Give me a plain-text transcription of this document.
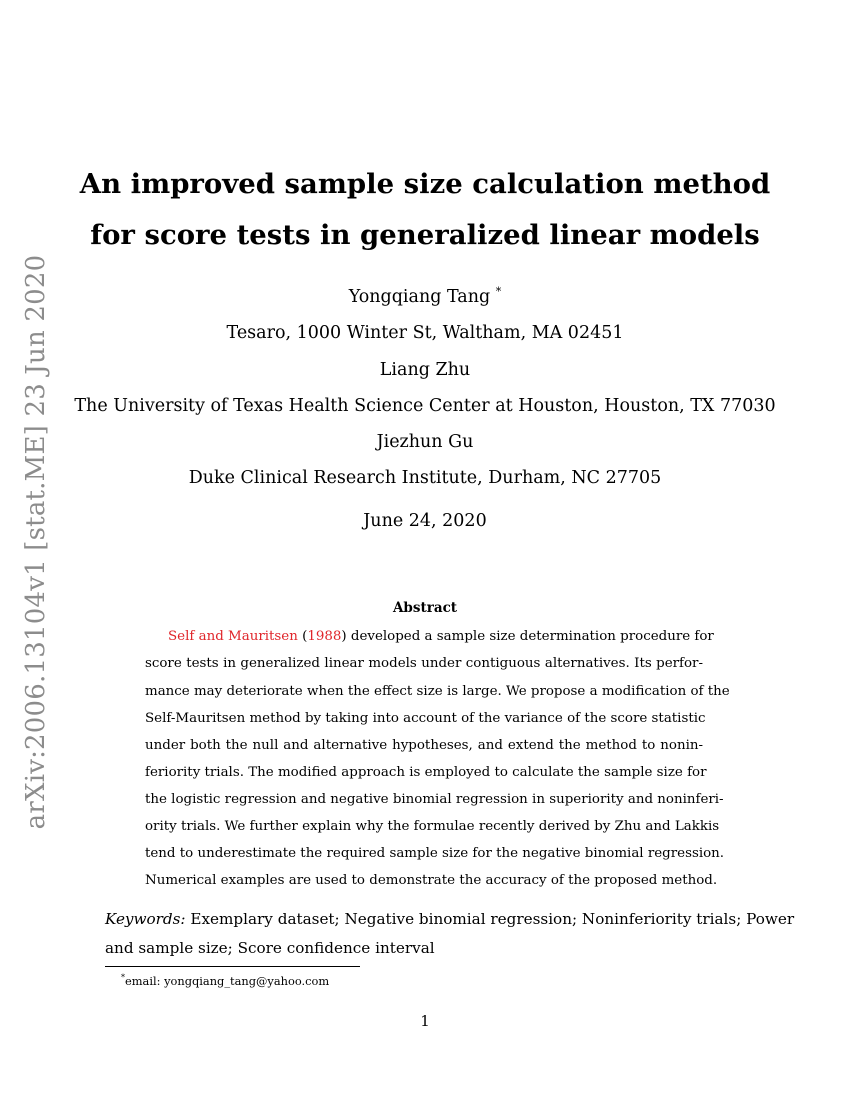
arXiv:2006.13104v1 [stat.ME] 23 Jun 2020
An improved sample size calculation method
for score tests in generalized linear models
Yongqiang Tang *
Tesaro, 1000 Winter St, Waltham, MA 02451
Liang Zhu
The University of Texas Health Science Center at Houston, Houston, TX 77030
Jiezhun Gu
Duke Clinical Research Institute, Durham, NC 27705
June 24, 2020
Abstract
Self and Mauritsen (1988) developed a sample size determination procedure for
score tests in generalized linear models under contiguous alternatives. Its perfor-
mance may deteriorate when the effect size is large. We propose a modification of the
Self-Mauritsen method by taking into account of the variance of the score statistic
under both the null and alternative hypotheses, and extend the method to nonin-
feriority trials. The modified approach is employed to calculate the sample size for
the logistic regression and negative binomial regression in superiority and noninferi-
ority trials. We further explain why the formulae recently derived by Zhu and Lakkis
tend to underestimate the required sample size for the negative binomial regression.
Numerical examples are used to demonstrate the accuracy of the proposed method.
Keywords: Exemplary dataset; Negative binomial regression; Noninferiority trials; Power
and sample size; Score confidence interval
*email: yongqiang_tang@yahoo.com
1
